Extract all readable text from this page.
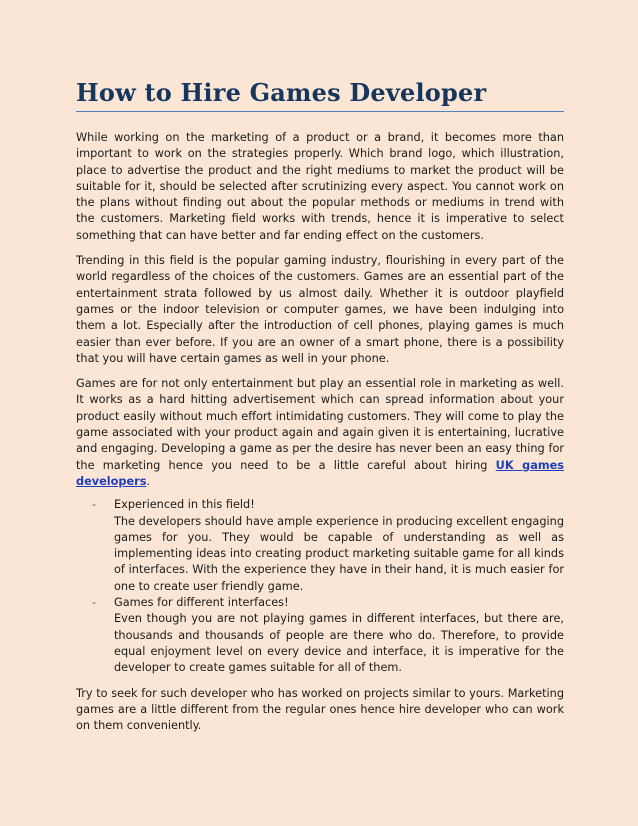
How to Hire Games Developer

While working on the marketing of a product or a brand, it becomes more than important to work on the strategies properly. Which brand logo, which illustration, place to advertise the product and the right mediums to market the product will be suitable for it, should be selected after scrutinizing every aspect. You cannot work on the plans without finding out about the popular methods or mediums in trend with the customers. Marketing field works with trends, hence it is imperative to select something that can have better and far ending effect on the customers.

Trending in this field is the popular gaming industry, flourishing in every part of the world regardless of the choices of the customers. Games are an essential part of the entertainment strata followed by us almost daily. Whether it is outdoor playfield games or the indoor television or computer games, we have been indulging into them a lot. Especially after the introduction of cell phones, playing games is much easier than ever before. If you are an owner of a smart phone, there is a possibility that you will have certain games as well in your phone.

Games are for not only entertainment but play an essential role in marketing as well. It works as a hard hitting advertisement which can spread information about your product easily without much effort intimidating customers. They will come to play the game associated with your product again and again given it is entertaining, lucrative and engaging. Developing a game as per the desire has never been an easy thing for the marketing hence you need to be a little careful about hiring UK games developers.

- Experienced in this field!

The developers should have ample experience in producing excellent engaging games for you. They would be capable of understanding as well as implementing ideas into creating product marketing suitable game for all kinds of interfaces. With the experience they have in their hand, it is much easier for one to create user friendly game.

- Games for different interfaces!

Even though you are not playing games in different interfaces, but there are, thousands and thousands of people are there who do. Therefore, to provide equal enjoyment level on every device and interface, it is imperative for the developer to create games suitable for all of them.

Try to seek for such developer who has worked on projects similar to yours. Marketing games are a little different from the regular ones hence hire developer who can work on them conveniently.
